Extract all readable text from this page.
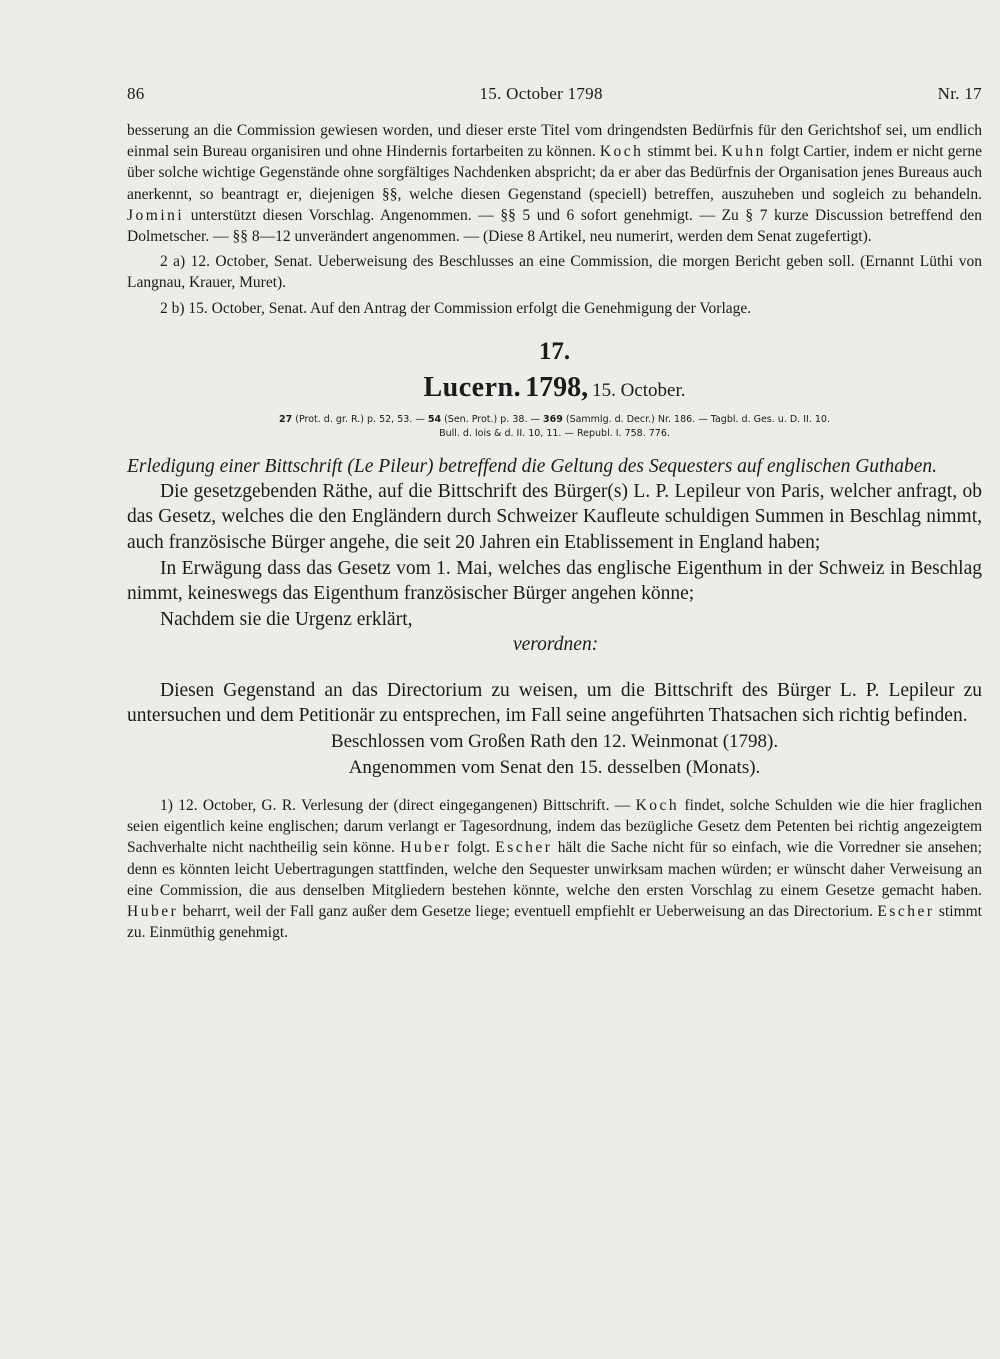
86	15. October 1798	Nr. 17

besserung an die Commission gewiesen worden, und dieser erste Titel vom dringendsten Bedürfnis für den Gerichtshof sei, um endlich einmal sein Bureau organisiren und ohne Hindernis fortarbeiten zu können. Koch stimmt bei. Kuhn folgt Cartier, indem er nicht gerne über solche wichtige Gegenstände ohne sorgfältiges Nachdenken abspricht; da er aber das Bedürfnis der Organisation jenes Bureaus auch anerkennt, so beantragt er, diejenigen §§, welche diesen Gegenstand (speciell) betreffen, auszuheben und sogleich zu behandeln. Jomini unterstützt diesen Vorschlag. Angenommen. — §§ 5 und 6 sofort genehmigt. — Zu § 7 kurze Discussion betreffend den Dolmetscher. — §§ 8—12 unverändert angenommen. — (Diese 8 Artikel, neu numerirt, werden dem Senat zugefertigt).

2 a) 12. October, Senat. Ueberweisung des Beschlusses an eine Commission, die morgen Bericht geben soll. (Ernannt Lüthi von Langnau, Krauer, Muret).

2 b) 15. October, Senat. Auf den Antrag der Commission erfolgt die Genehmigung der Vorlage.

17.
Lucern. 1798, 15. October.
27 (Prot. d. gr. R.) p. 52, 53. — 54 (Sen. Prot.) p. 38. — 369 (Sammlg. d. Decr.) Nr. 186. — Tagbl. d. Ges. u. D. II. 10.
Bull. d. lois & d. II. 10, 11. — Republ. I. 758. 776.
Erledigung einer Bittschrift (Le Pileur) betreffend die Geltung des Sequesters auf englischen Guthaben.

Die gesetzgebenden Räthe, auf die Bittschrift des Bürger(s) L. P. Lepileur von Paris, welcher anfragt, ob das Gesetz, welches die den Engländern durch Schweizer Kaufleute schuldigen Summen in Beschlag nimmt, auch französische Bürger angehe, die seit 20 Jahren ein Etablissement in England haben;

In Erwägung dass das Gesetz vom 1. Mai, welches das englische Eigenthum in der Schweiz in Beschlag nimmt, keineswegs das Eigenthum französischer Bürger angehen könne;

Nachdem sie die Urgenz erklärt,

verordnen:

Diesen Gegenstand an das Directorium zu weisen, um die Bittschrift des Bürger L. P. Lepileur zu untersuchen und dem Petitionär zu entsprechen, im Fall seine angeführten Thatsachen sich richtig befinden.

Beschlossen vom Großen Rath den 12. Weinmonat (1798).

Angenommen vom Senat den 15. desselben (Monats).

1) 12. October, G. R. Verlesung der (direct eingegangenen) Bittschrift. — Koch findet, solche Schulden wie die hier fraglichen seien eigentlich keine englischen; darum verlangt er Tagesordnung, indem das bezügliche Gesetz dem Petenten bei richtig angezeigtem Sachverhalte nicht nachtheilig sein könne. Huber folgt. Escher hält die Sache nicht für so einfach, wie die Vorredner sie ansehen; denn es könnten leicht Uebertragungen stattfinden, welche den Sequester unwirksam machen würden; er wünscht daher Verweisung an eine Commission, die aus denselben Mitgliedern bestehen könnte, welche den ersten Vorschlag zu einem Gesetze gemacht haben. Huber beharrt, weil der Fall ganz außer dem Gesetze liege; eventuell empfiehlt er Ueberweisung an das Directorium. Escher stimmt zu. Einmüthig genehmigt.
